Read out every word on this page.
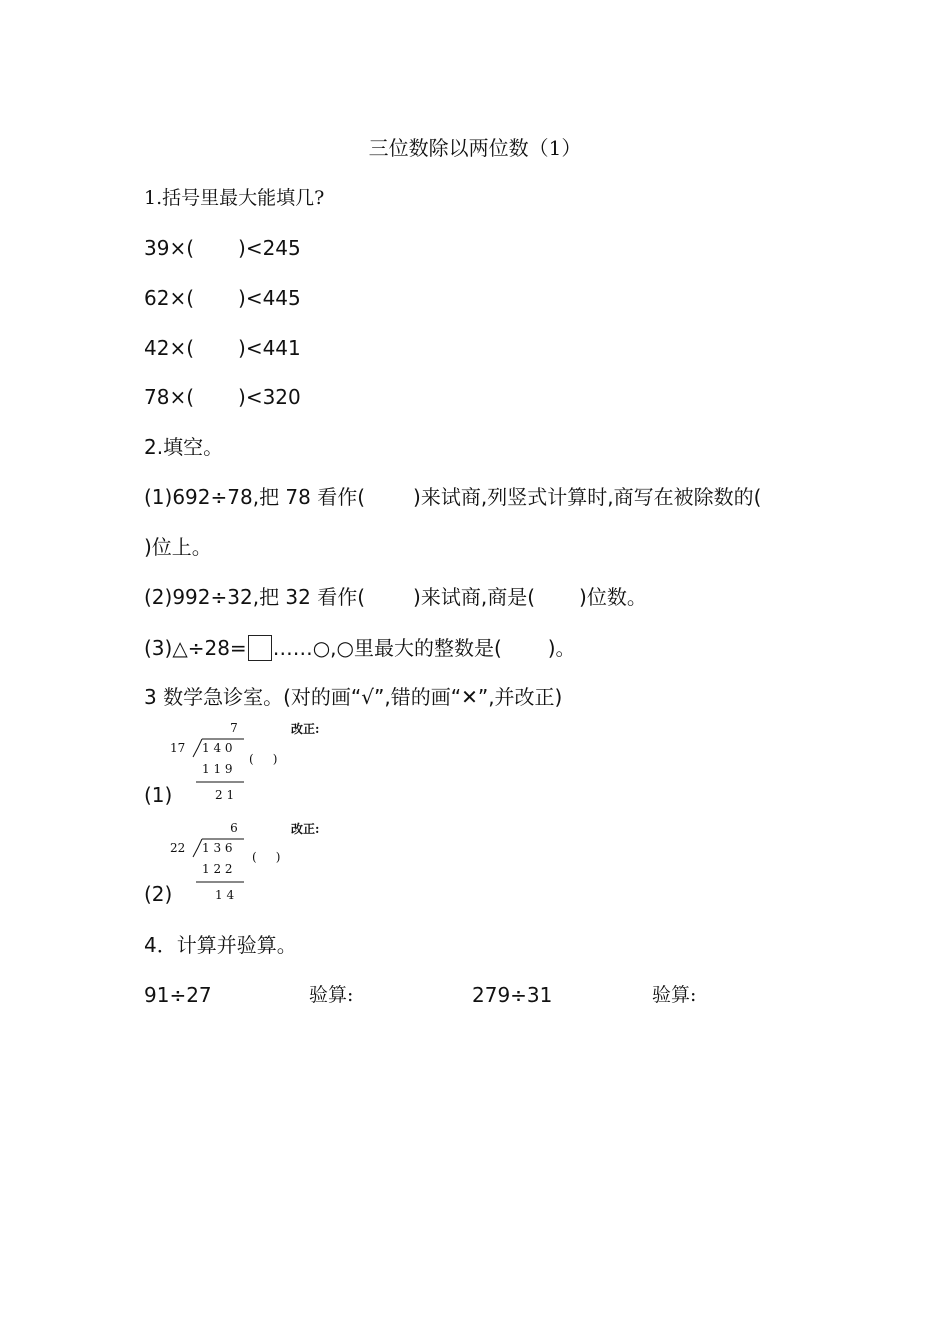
三位数除以两位数（1）
1.括号里最大能填几?
39×( )<245
62×( )<445
42×( )<441
78×( )<320
2.填空。
(1)692÷78,把 78 看作( )来试商,列竖式计算时,商写在被除数的(
)位上。
(2)992÷32,把 32 看作( )来试商,商是( )位数。
(3)△÷28= ……○,○里最大的整数是( )。
3 数学急诊室。(对的画“√”,错的画“✕”,并改正)
7
17 1 4 0
1 1 9
2 1
改正:
(     )
(1)
6
22 1 3 6
1 2 2
1 4
改正:
(     )
(2)
4．计算并验算。
91÷27	验算:	279÷31	验算:
